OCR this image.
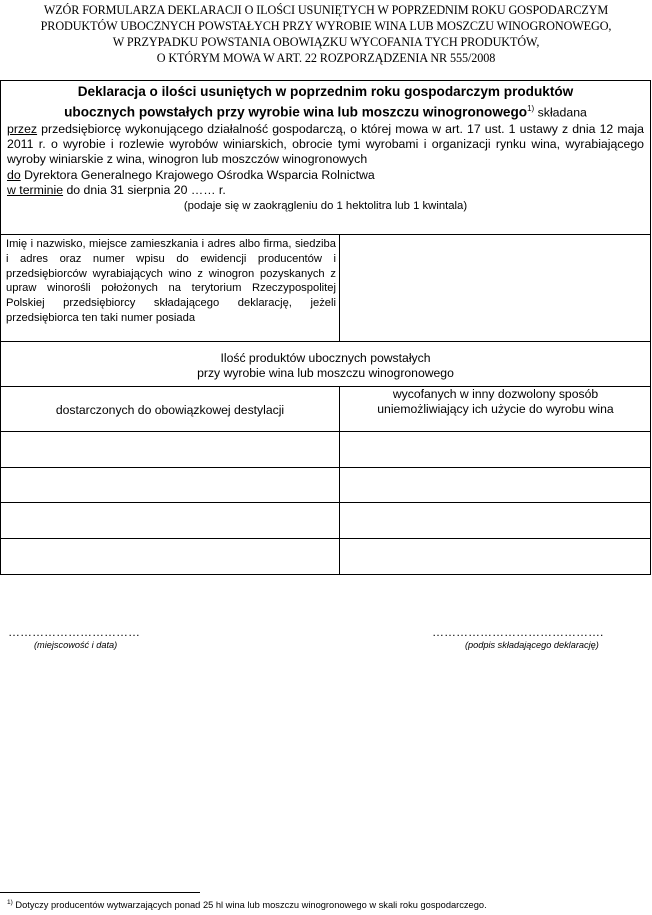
WZÓR FORMULARZA DEKLARACJI O ILOŚCI USUNIĘTYCH W POPRZEDNIM ROKU GOSPODARCZYM
PRODUKTÓW UBOCZNYCH POWSTAŁYCH PRZY WYROBIE WINA LUB MOSZCZU WINOGRONOWEGO,
W PRZYPADKU POWSTANIA OBOWIĄZKU WYCOFANIA TYCH PRODUKTÓW,
O KTÓRYM MOWA W ART. 22 ROZPORZĄDZENIA NR 555/2008
Deklaracja o ilości usuniętych w poprzednim roku gospodarczym produktów
ubocznych powstałych przy wyrobie wina lub moszczu winogronowego$^{1)}$ składana
przez przedsiębiorcę wykonującego działalność gospodarczą, o której mowa w art. 17 ust. 1 ustawy z dnia 12 maja 2011 r. o wyrobie i rozlewie wyrobów winiarskich, obrocie tymi wyrobami i organizacji rynku wina, wyrabiającego wyroby winiarskie z wina, winogron lub moszczów winogronowych
do Dyrektora Generalnego Krajowego Ośrodka Wsparcia Rolnictwa
w terminie do dnia 31 sierpnia 20 …… r.
(podaje się w zaokrągleniu do 1 hektolitra lub 1 kwintala)
Imię i nazwisko, miejsce zamieszkania i adres albo firma, siedziba i adres oraz numer wpisu do ewidencji producentów i przedsiębiorców wyrabiających wino z winogron pozyskanych z upraw winorośli położonych na terytorium Rzeczypospolitej Polskiej przedsiębiorcy składającego deklarację, jeżeli przedsiębiorca ten taki numer posiada
Ilość produktów ubocznych powstałych
przy wyrobie wina lub moszczu winogronowego
dostarczonych do obowiązkowej destylacji
wycofanych w inny dozwolony sposób
uniemożliwiający ich użycie do wyrobu wina
……………………………
(miejscowość i data)
…………………………………….
(podpis składającego deklarację)
$^{1)}$ Dotyczy producentów wytwarzających ponad 25 hl wina lub moszczu winogronowego w skali roku gospodarczego.
